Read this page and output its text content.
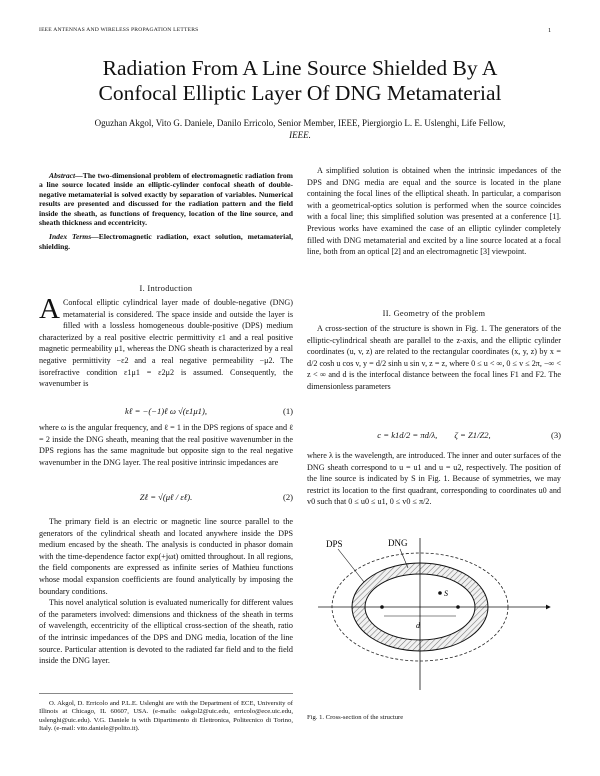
IEEE ANTENNAS AND WIRELESS PROPAGATION LETTERS	1
Radiation From A Line Source Shielded By A
Confocal Elliptic Layer Of DNG Metamaterial
Oguzhan Akgol, Vito G. Daniele, Danilo Erricolo, Senior Member, IEEE, Piergiorgio L. E. Uslenghi, Life Fellow,
IEEE.

Abstract—The two-dimensional problem of electromagnetic radiation from a line source located inside an elliptic-cylinder confocal sheath of double-negative metamaterial is solved exactly by separation of variables. Numerical results are presented and discussed for the radiation pattern and the field inside the sheath, as functions of frequency, location of the line source, and sheath thickness and eccentricity.

Index Terms—Electromagnetic radiation, exact solution, metamaterial, shielding.

I. Introduction

A Confocal elliptic cylindrical layer made of double-negative (DNG) metamaterial is considered. The space inside and outside the layer is filled with a lossless homogeneous double-positive (DPS) medium characterized by a real positive electric permittivity ε1 and a real positive magnetic permeability μ1, whereas the DNG sheath is characterized by a real negative permittivity −ε2 and a real negative permeability −μ2. The isorefractive condition ε1μ1 = ε2μ2 is assumed. Consequently, the wavenumber is

kℓ = −(−1)ℓ ω √(ε1μ1),	(1)

where ω is the angular frequency, and ℓ = 1 in the DPS regions of space and ℓ = 2 inside the DNG sheath, meaning that the real positive wavenumber in the DPS regions has the same magnitude but opposite sign to the real negative wavenumber in the DNG layer. The real positive intrinsic impedances are

Zℓ = √(μℓ / εℓ).	(2)

The primary field is an electric or magnetic line source parallel to the generators of the cylindrical sheath and located anywhere inside the DPS medium encased by the sheath. The analysis is conducted in phasor domain with the time-dependence factor exp(+jωt) omitted throughout. In all regions, the field components are expressed as infinite series of Mathieu functions whose modal expansion coefficients are found analytically by imposing the boundary conditions.

This novel analytical solution is evaluated numerically for different values of the parameters involved: dimensions and thickness of the sheath in terms of wavelength, eccentricity of the elliptical cross-section of the sheath, ratio of the intrinsic impedances of the DPS and DNG media, location of the line source. Particular attention is devoted to the radiated far field and to the field inside the DNG layer.

O. Akgol, D. Erricolo and P.L.E. Uslenghi are with the Department of ECE, University of Illinois at Chicago, IL 60607, USA. (e-mails: oakgol2@uic.edu, erricolo@ece.uic.edu, uslenghi@uic.edu). V.G. Daniele is with Dipartimento di Elettronica, Politecnico di Torino, Italy. (e-mail: vito.daniele@polito.it).

A simplified solution is obtained when the intrinsic impedances of the DPS and DNG media are equal and the source is located in the plane containing the focal lines of the elliptical sheath. In particular, a comparison with a geometrical-optics solution is performed when the source coincides with a focal line; this simplified solution was presented at a conference [1]. Previous works have examined the case of an elliptic cylinder completely filled with DNG metamaterial and excited by a line source located at a focal line, both from an optical [2] and an electromagnetic [3] viewpoint.

II. Geometry of the problem

A cross-section of the structure is shown in Fig. 1. The generators of the elliptic-cylindrical sheath are parallel to the z-axis, and the elliptic cylinder coordinates (u, v, z) are related to the rectangular coordinates (x, y, z) by x = d/2 cosh u cos v, y = d/2 sinh u sin v, z = z, where 0 ≤ u < ∞, 0 ≤ v ≤ 2π, −∞ < z < ∞ and d is the interfocal distance between the focal lines F1 and F2. The dimensionless parameters

c = k1d/2 = πd/λ,        ζ = Z1/Z2,	(3)

where λ is the wavelength, are introduced. The inner and outer surfaces of the DNG sheath correspond to u = u1 and u = u2, respectively. The position of the line source is indicated by S in Fig. 1. Because of symmetries, we may restrict its location to the first quadrant, corresponding to coordinates u0 and v0 such that 0 ≤ u0 ≤ u1, 0 ≤ v0 ≤ π/2.

DPS	DNG
d
S
Fig. 1. Cross-section of the structure
